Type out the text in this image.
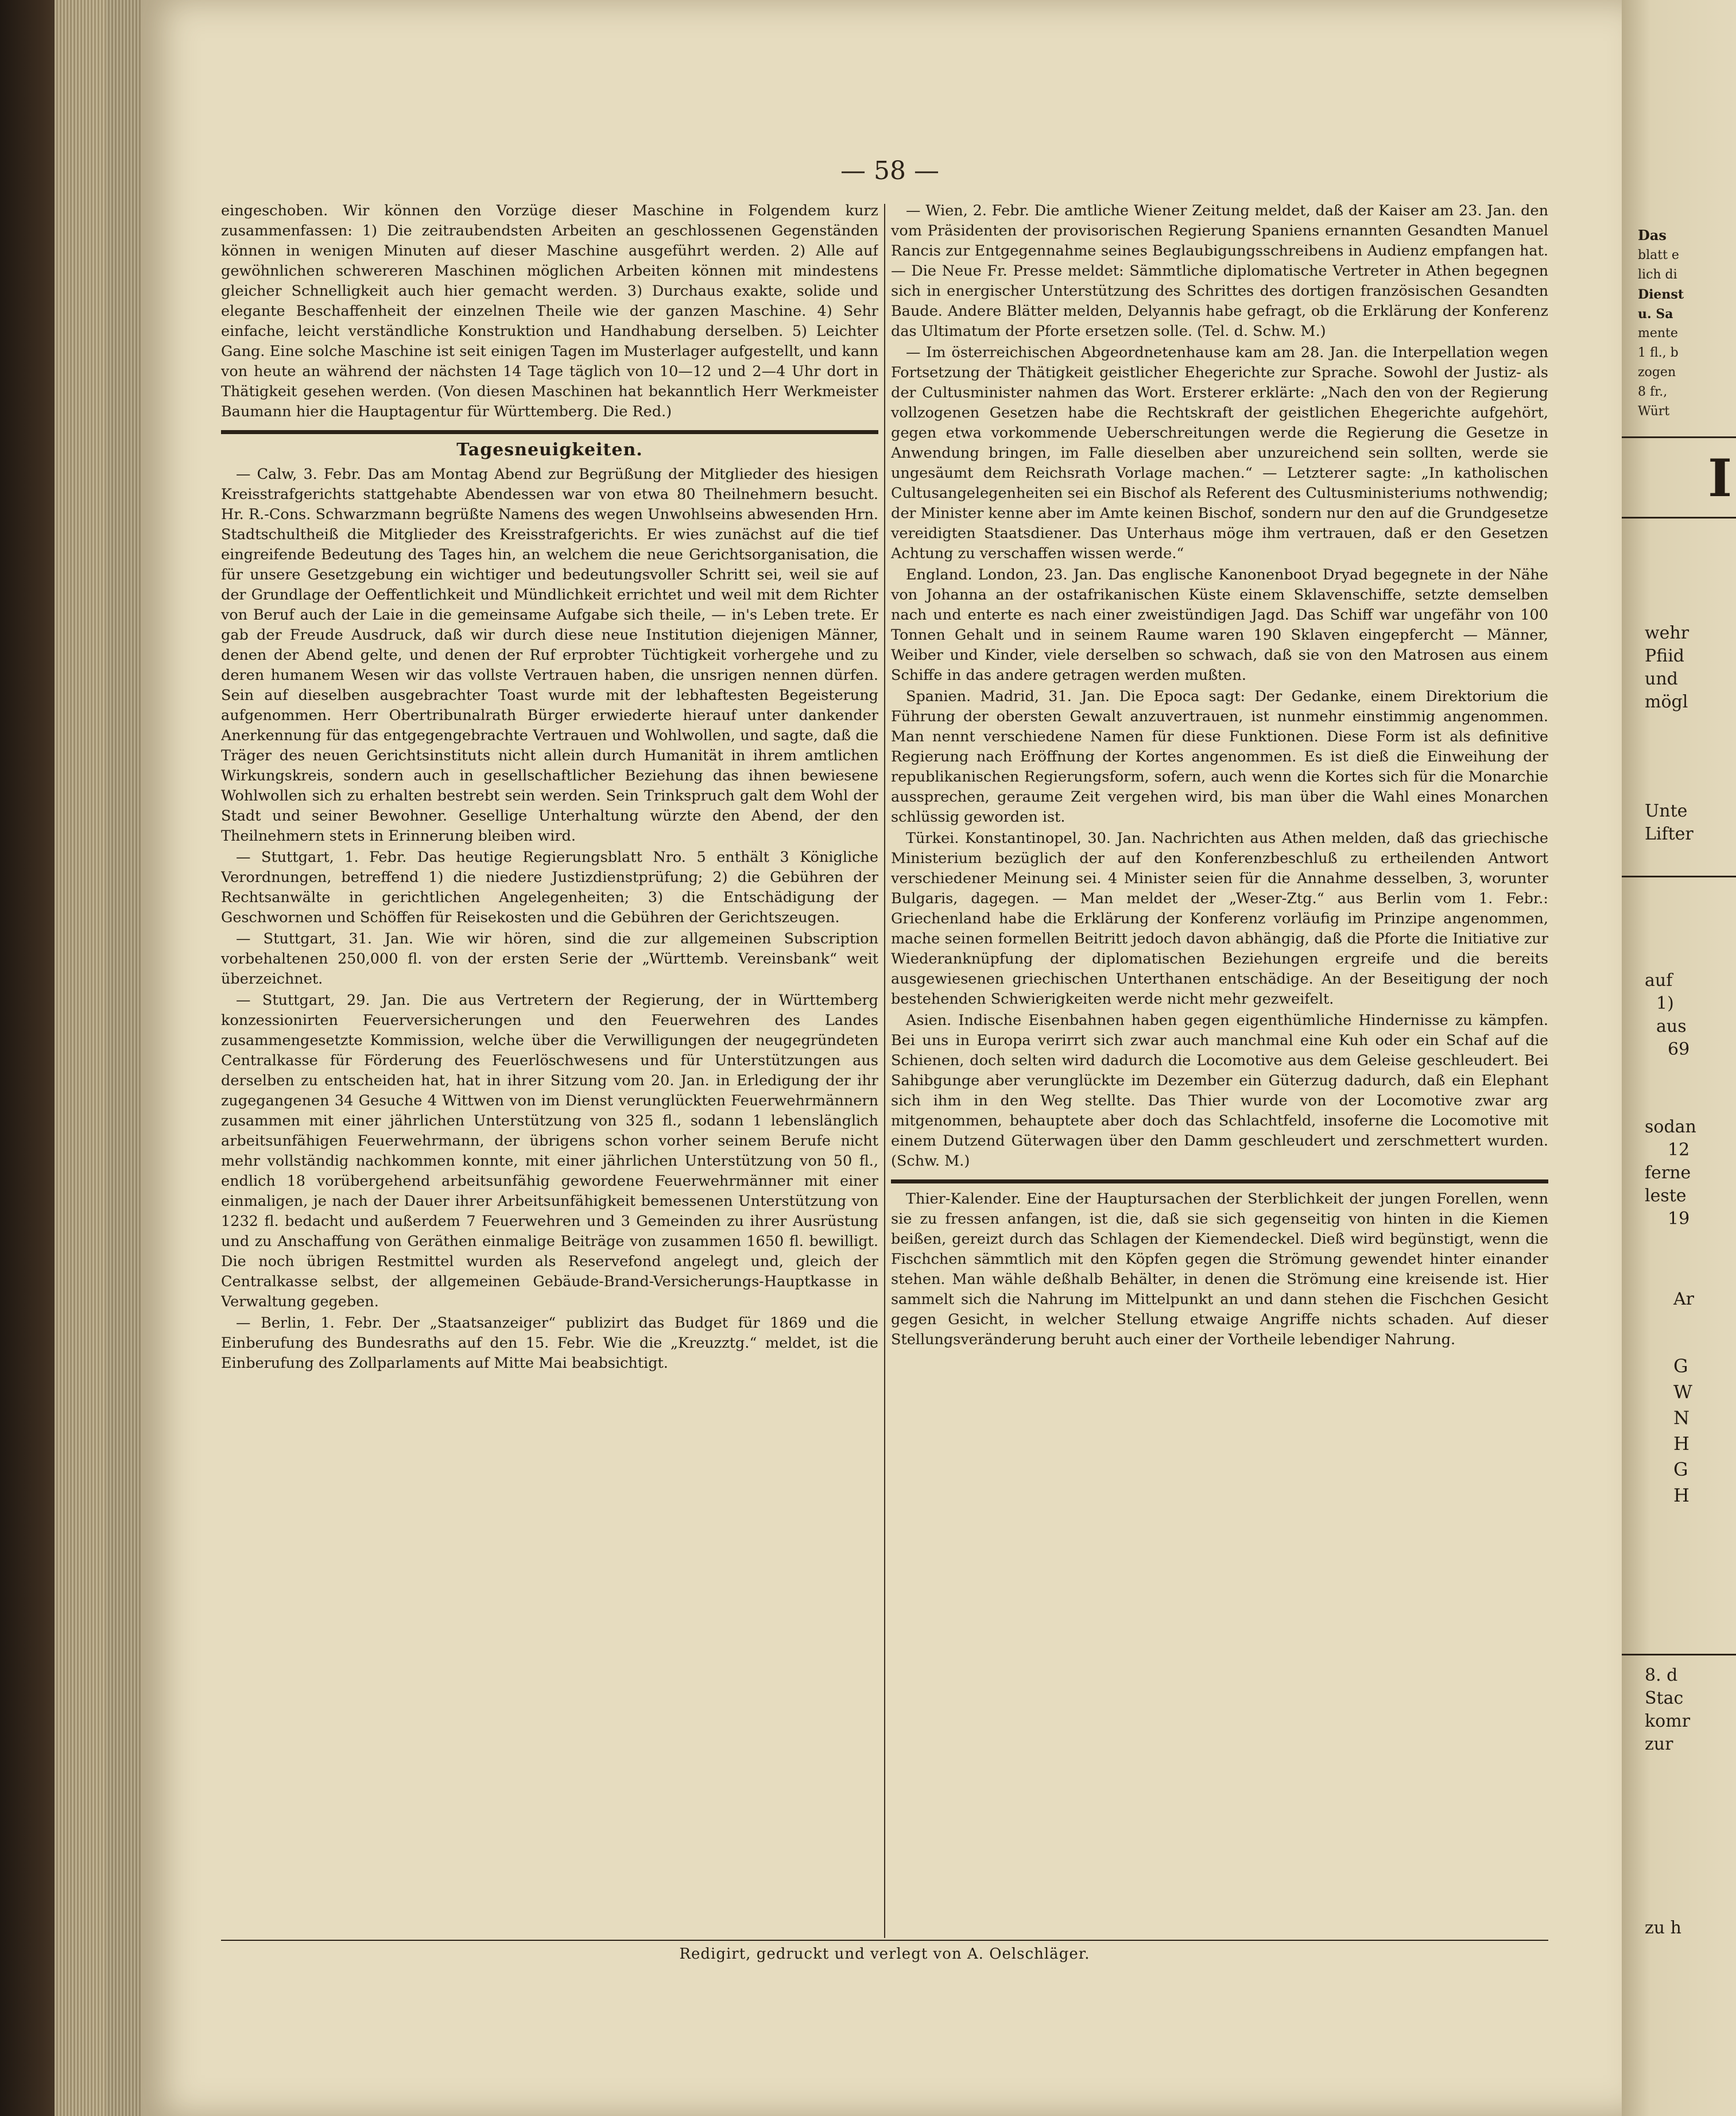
— 58 —

eingeschoben. Wir können den Vorzüge dieser Maschine in Folgendem kurz zusammenfassen: 1) Die zeitraubendsten Arbeiten an geschlossenen Gegenständen können in wenigen Minuten auf dieser Maschine ausgeführt werden. 2) Alle auf gewöhnlichen schwereren Maschinen möglichen Arbeiten können mit mindestens gleicher Schnelligkeit auch hier gemacht werden. 3) Durchaus exakte, solide und elegante Beschaffenheit der einzelnen Theile wie der ganzen Maschine. 4) Sehr einfache, leicht verständliche Konstruktion und Handhabung derselben. 5) Leichter Gang. Eine solche Maschine ist seit einigen Tagen im Musterlager aufgestellt, und kann von heute an während der nächsten 14 Tage täglich von 10—12 und 2—4 Uhr dort in Thätigkeit gesehen werden. (Von diesen Maschinen hat bekanntlich Herr Werkmeister Baumann hier die Hauptagentur für Württemberg. Die Red.)

Tagesneuigkeiten.

— Calw, 3. Febr. Das am Montag Abend zur Begrüßung der Mitglieder des hiesigen Kreisstrafgerichts stattgehabte Abendessen war von etwa 80 Theilnehmern besucht. Hr. R.-Cons. Schwarzmann begrüßte Namens des wegen Unwohlseins abwesenden Hrn. Stadtschultheiß die Mitglieder des Kreisstrafgerichts. Er wies zunächst auf die tief eingreifende Bedeutung des Tages hin, an welchem die neue Gerichtsorganisation, die für unsere Gesetzgebung ein wichtiger und bedeutungsvoller Schritt sei, weil sie auf der Grundlage der Oeffentlichkeit und Mündlichkeit errichtet und weil mit dem Richter von Beruf auch der Laie in die gemeinsame Aufgabe sich theile, — in's Leben trete. Er gab der Freude Ausdruck, daß wir durch diese neue Institution diejenigen Männer, denen der Abend gelte, und denen der Ruf erprobter Tüchtigkeit vorhergehe und zu deren humanem Wesen wir das vollste Vertrauen haben, die unsrigen nennen dürfen. Sein auf dieselben ausgebrachter Toast wurde mit der lebhaftesten Begeisterung aufgenommen. Herr Obertribunalrath Bürger erwiederte hierauf unter dankender Anerkennung für das entgegengebrachte Vertrauen und Wohlwollen, und sagte, daß die Träger des neuen Gerichtsinstituts nicht allein durch Humanität in ihrem amtlichen Wirkungskreis, sondern auch in gesellschaftlicher Beziehung das ihnen bewiesene Wohlwollen sich zu erhalten bestrebt sein werden. Sein Trinkspruch galt dem Wohl der Stadt und seiner Bewohner. Gesellige Unterhaltung würzte den Abend, der den Theilnehmern stets in Erinnerung bleiben wird.

— Stuttgart, 1. Febr. Das heutige Regierungsblatt Nro. 5 enthält 3 Königliche Verordnungen, betreffend 1) die niedere Justizdienstprüfung; 2) die Gebühren der Rechtsanwälte in gerichtlichen Angelegenheiten; 3) die Entschädigung der Geschwornen und Schöffen für Reisekosten und die Gebühren der Gerichtszeugen.

— Stuttgart, 31. Jan. Wie wir hören, sind die zur allgemeinen Subscription vorbehaltenen 250,000 fl. von der ersten Serie der „Württemb. Vereinsbank“ weit überzeichnet.

— Stuttgart, 29. Jan. Die aus Vertretern der Regierung, der in Württemberg konzessionirten Feuerversicherungen und den Feuerwehren des Landes zusammengesetzte Kommission, welche über die Verwilligungen der neugegründeten Centralkasse für Förderung des Feuerlöschwesens und für Unterstützungen aus derselben zu entscheiden hat, hat in ihrer Sitzung vom 20. Jan. in Erledigung der ihr zugegangenen 34 Gesuche 4 Wittwen von im Dienst verunglückten Feuerwehrmännern zusammen mit einer jährlichen Unterstützung von 325 fl., sodann 1 lebenslänglich arbeitsunfähigen Feuerwehrmann, der übrigens schon vorher seinem Berufe nicht mehr vollständig nachkommen konnte, mit einer jährlichen Unterstützung von 50 fl., endlich 18 vorübergehend arbeitsunfähig gewordene Feuerwehrmänner mit einer einmaligen, je nach der Dauer ihrer Arbeitsunfähigkeit bemessenen Unterstützung von 1232 fl. bedacht und außerdem 7 Feuerwehren und 3 Gemeinden zu ihrer Ausrüstung und zu Anschaffung von Geräthen einmalige Beiträge von zusammen 1650 fl. bewilligt. Die noch übrigen Restmittel wurden als Reservefond angelegt und, gleich der Centralkasse selbst, der allgemeinen Gebäude-Brand-Versicherungs-Hauptkasse in Verwaltung gegeben.

— Berlin, 1. Febr. Der „Staatsanzeiger“ publizirt das Budget für 1869 und die Einberufung des Bundesraths auf den 15. Febr. Wie die „Kreuzztg.“ meldet, ist die Einberufung des Zollparlaments auf Mitte Mai beabsichtigt.

— Wien, 2. Febr. Die amtliche Wiener Zeitung meldet, daß der Kaiser am 23. Jan. den vom Präsidenten der provisorischen Regierung Spaniens ernannten Gesandten Manuel Rancis zur Entgegennahme seines Beglaubigungsschreibens in Audienz empfangen hat. — Die Neue Fr. Presse meldet: Sämmtliche diplomatische Vertreter in Athen begegnen sich in energischer Unterstützung des Schrittes des dortigen französischen Gesandten Baude. Andere Blätter melden, Delyannis habe gefragt, ob die Erklärung der Konferenz das Ultimatum der Pforte ersetzen solle. (Tel. d. Schw. M.)

— Im österreichischen Abgeordnetenhause kam am 28. Jan. die Interpellation wegen Fortsetzung der Thätigkeit geistlicher Ehegerichte zur Sprache. Sowohl der Justiz- als der Cultusminister nahmen das Wort. Ersterer erklärte: „Nach den von der Regierung vollzogenen Gesetzen habe die Rechtskraft der geistlichen Ehegerichte aufgehört, gegen etwa vorkommende Ueberschreitungen werde die Regierung die Gesetze in Anwendung bringen, im Falle dieselben aber unzureichend sein sollten, werde sie ungesäumt dem Reichsrath Vorlage machen.“ — Letzterer sagte: „In katholischen Cultusangelegenheiten sei ein Bischof als Referent des Cultusministeriums nothwendig; der Minister kenne aber im Amte keinen Bischof, sondern nur den auf die Grundgesetze vereidigten Staatsdiener. Das Unterhaus möge ihm vertrauen, daß er den Gesetzen Achtung zu verschaffen wissen werde.“

England. London, 23. Jan. Das englische Kanonenboot Dryad begegnete in der Nähe von Johanna an der ostafrikanischen Küste einem Sklavenschiffe, setzte demselben nach und enterte es nach einer zweistündigen Jagd. Das Schiff war ungefähr von 100 Tonnen Gehalt und in seinem Raume waren 190 Sklaven eingepfercht — Männer, Weiber und Kinder, viele derselben so schwach, daß sie von den Matrosen aus einem Schiffe in das andere getragen werden mußten.

Spanien. Madrid, 31. Jan. Die Epoca sagt: Der Gedanke, einem Direktorium die Führung der obersten Gewalt anzuvertrauen, ist nunmehr einstimmig angenommen. Man nennt verschiedene Namen für diese Funktionen. Diese Form ist als definitive Regierung nach Eröffnung der Kortes angenommen. Es ist dieß die Einweihung der republikanischen Regierungsform, sofern, auch wenn die Kortes sich für die Monarchie aussprechen, geraume Zeit vergehen wird, bis man über die Wahl eines Monarchen schlüssig geworden ist.

Türkei. Konstantinopel, 30. Jan. Nachrichten aus Athen melden, daß das griechische Ministerium bezüglich der auf den Konferenzbeschluß zu ertheilenden Antwort verschiedener Meinung sei. 4 Minister seien für die Annahme desselben, 3, worunter Bulgaris, dagegen. — Man meldet der „Weser-Ztg.“ aus Berlin vom 1. Febr.: Griechenland habe die Erklärung der Konferenz vorläufig im Prinzipe angenommen, mache seinen formellen Beitritt jedoch davon abhängig, daß die Pforte die Initiative zur Wiederanknüpfung der diplomatischen Beziehungen ergreife und die bereits ausgewiesenen griechischen Unterthanen entschädige. An der Beseitigung der noch bestehenden Schwierigkeiten werde nicht mehr gezweifelt.

Asien. Indische Eisenbahnen haben gegen eigenthümliche Hindernisse zu kämpfen. Bei uns in Europa verirrt sich zwar auch manchmal eine Kuh oder ein Schaf auf die Schienen, doch selten wird dadurch die Locomotive aus dem Geleise geschleudert. Bei Sahibgunge aber verunglückte im Dezember ein Güterzug dadurch, daß ein Elephant sich ihm in den Weg stellte. Das Thier wurde von der Locomotive zwar arg mitgenommen, behauptete aber doch das Schlachtfeld, insoferne die Locomotive mit einem Dutzend Güterwagen über den Damm geschleudert und zerschmettert wurden. (Schw. M.)

Thier-Kalender. Eine der Hauptursachen der Sterblichkeit der jungen Forellen, wenn sie zu fressen anfangen, ist die, daß sie sich gegenseitig von hinten in die Kiemen beißen, gereizt durch das Schlagen der Kiemendeckel. Dieß wird begünstigt, wenn die Fischchen sämmtlich mit den Köpfen gegen die Strömung gewendet hinter einander stehen. Man wähle deßhalb Behälter, in denen die Strömung eine kreisende ist. Hier sammelt sich die Nahrung im Mittelpunkt an und dann stehen die Fischchen Gesicht gegen Gesicht, in welcher Stellung etwaige Angriffe nichts schaden. Auf dieser Stellungsveränderung beruht auch einer der Vortheile lebendiger Nahrung.

Redigirt, gedruckt und verlegt von A. Oelschläger.
Das
blatt e
lich di
Dienst
u. Sa
mente
1 fl., b
zogen
8 fr.,
Würt
I
wehr
Pfiid
und
mögl
Unte
Lifter
auf
1)
aus
69
sodan
12
ferne
leste
19
Ar
G
W
N
H
G
H
8. d
Stac
komr
zur
zu h
